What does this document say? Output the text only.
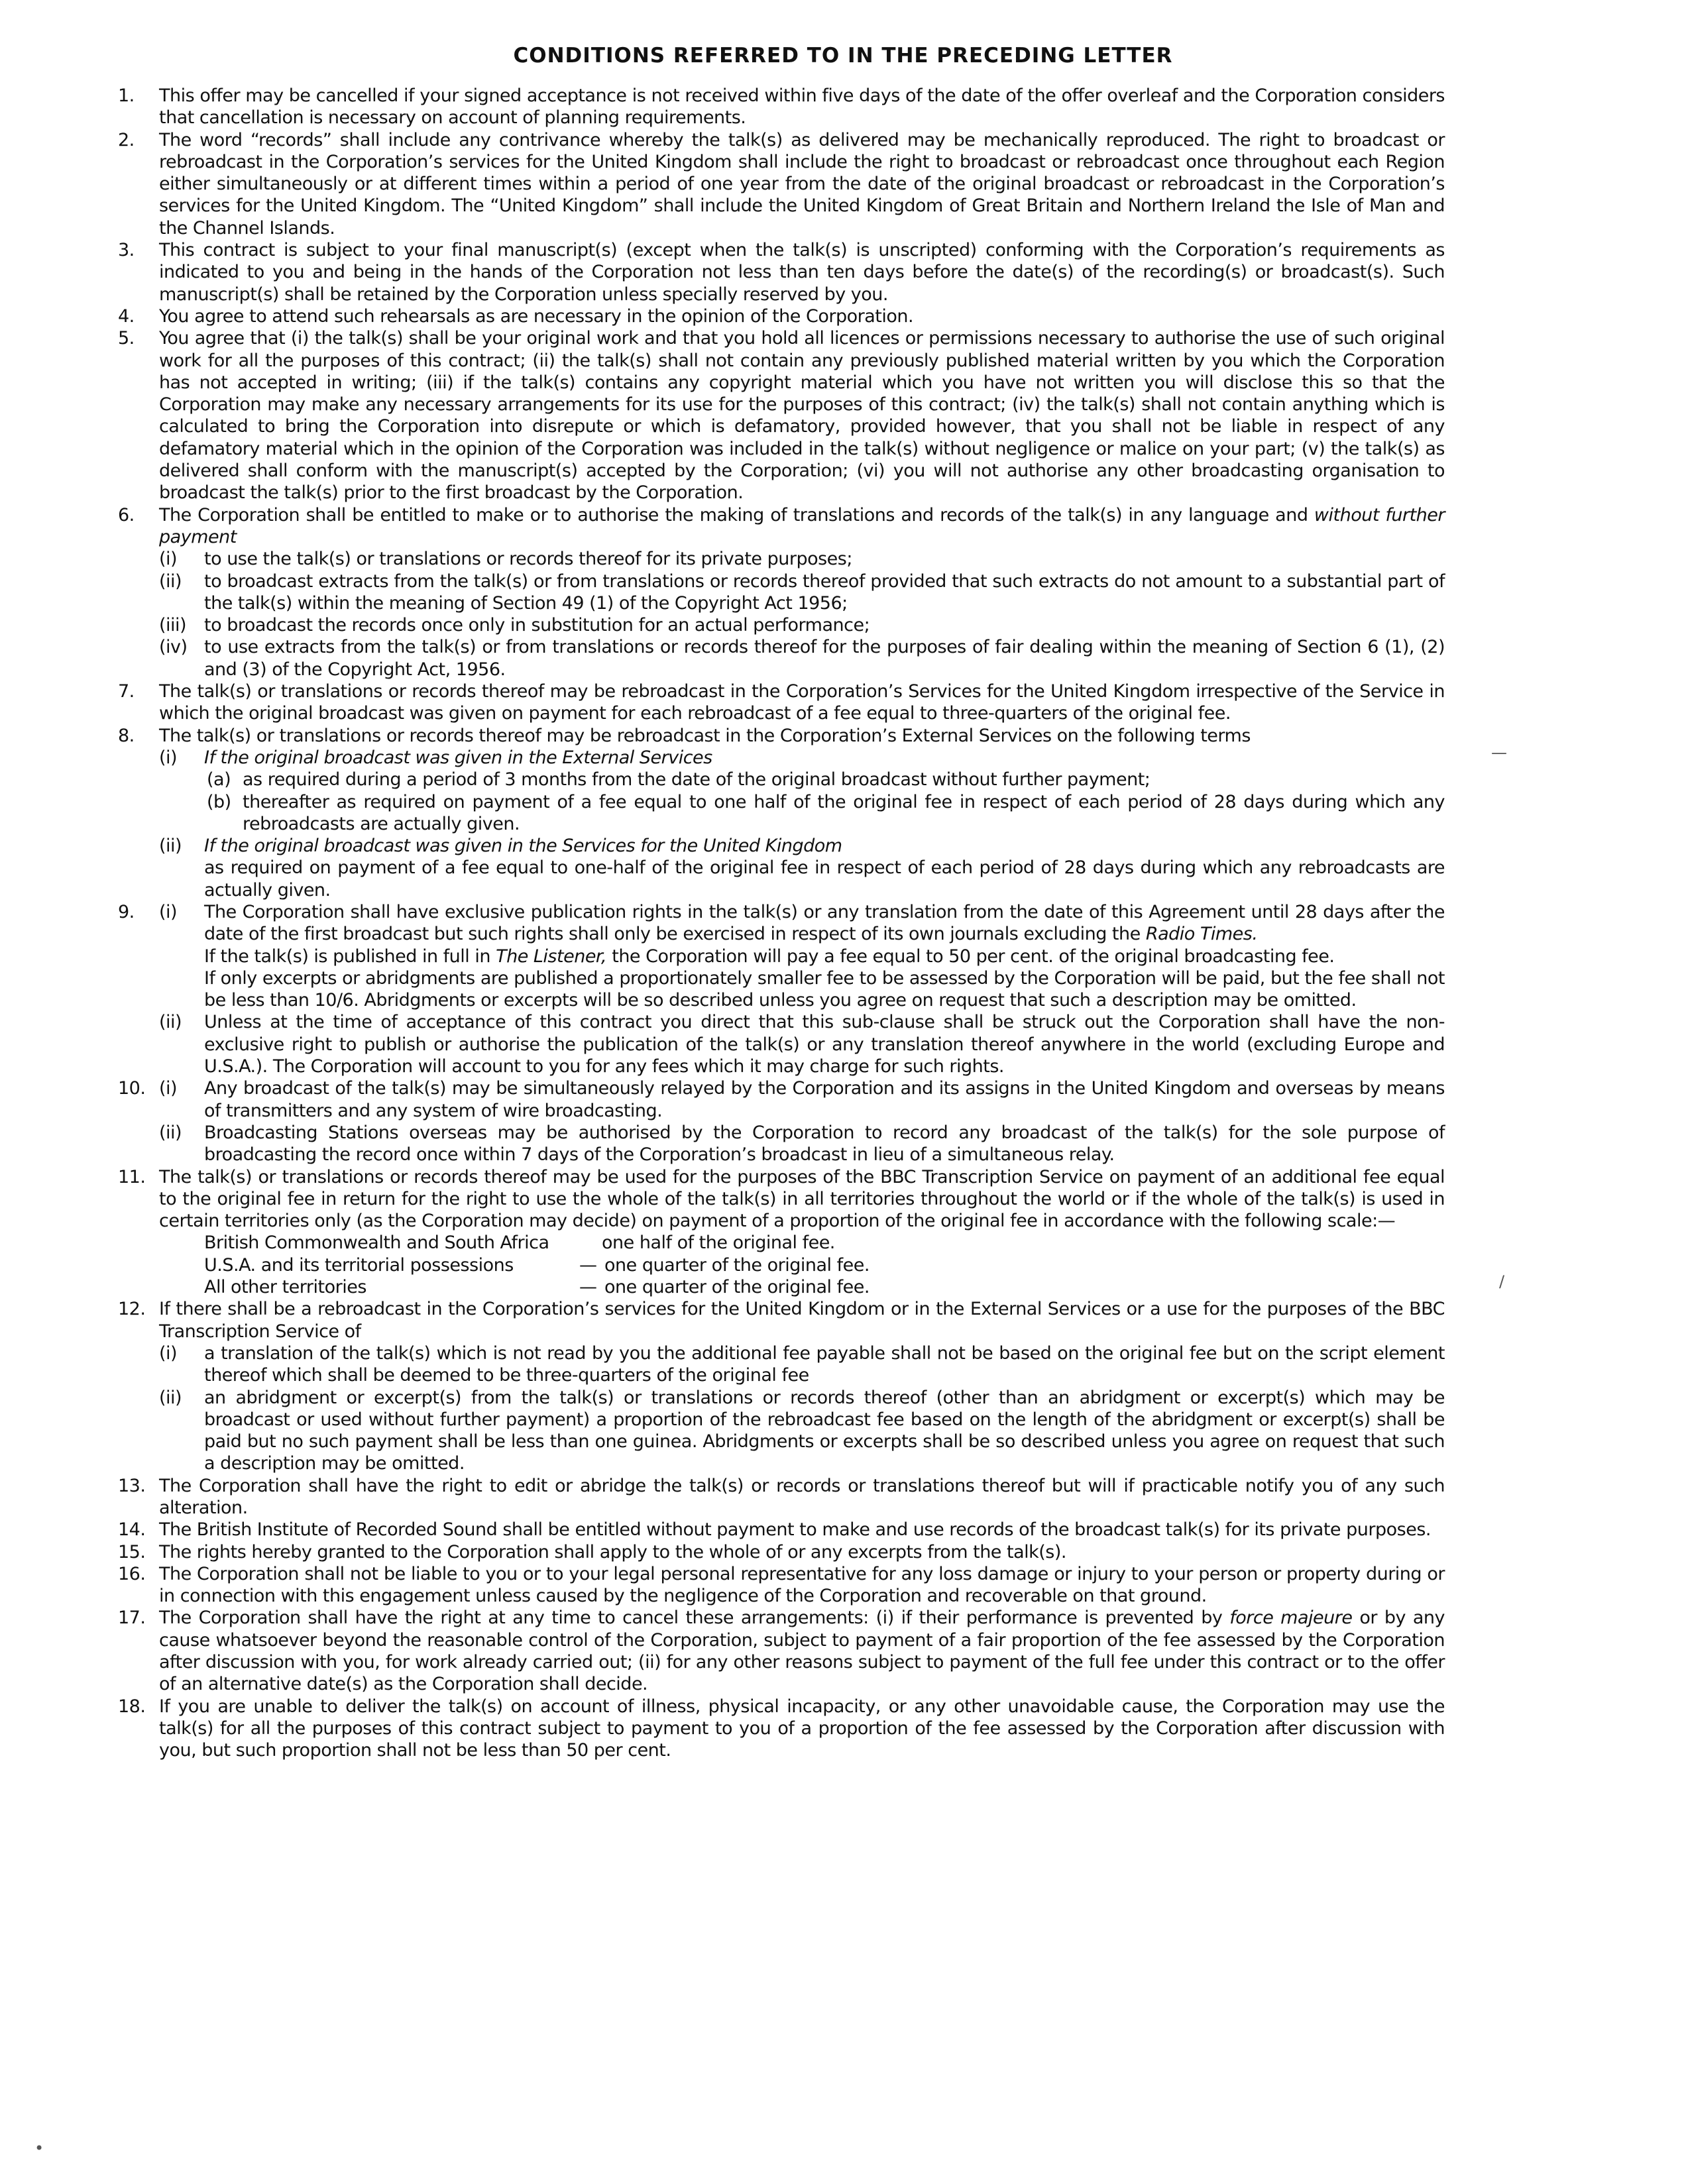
CONDITIONS REFERRED TO IN THE PRECEDING LETTER
1. This offer may be cancelled if your signed acceptance is not received within five days of the date of the offer overleaf and the Corporation considers that cancellation is necessary on account of planning requirements.

2. The word “records” shall include any contrivance whereby the talk(s) as delivered may be mechanically reproduced. The right to broadcast or rebroadcast in the Corporation’s services for the United Kingdom shall include the right to broadcast or rebroadcast once throughout each Region either simultaneously or at different times within a period of one year from the date of the original broadcast or rebroadcast in the Corporation’s services for the United Kingdom. The “United Kingdom” shall include the United Kingdom of Great Britain and Northern Ireland the Isle of Man and the Channel Islands.

3. This contract is subject to your final manuscript(s) (except when the talk(s) is unscripted) conforming with the Corporation’s requirements as indicated to you and being in the hands of the Corporation not less than ten days before the date(s) of the recording(s) or broadcast(s). Such manuscript(s) shall be retained by the Corporation unless specially reserved by you.

4. You agree to attend such rehearsals as are necessary in the opinion of the Corporation.

5. You agree that (i) the talk(s) shall be your original work and that you hold all licences or permissions necessary to authorise the use of such original work for all the purposes of this contract; (ii) the talk(s) shall not contain any previously published material written by you which the Corporation has not accepted in writing; (iii) if the talk(s) contains any copyright material which you have not written you will disclose this so that the Corporation may make any necessary arrangements for its use for the purposes of this contract; (iv) the talk(s) shall not contain anything which is calculated to bring the Corporation into disrepute or which is defamatory, provided however, that you shall not be liable in respect of any defamatory material which in the opinion of the Corporation was included in the talk(s) without negligence or malice on your part; (v) the talk(s) as delivered shall conform with the manuscript(s) accepted by the Corporation; (vi) you will not authorise any other broadcasting organisation to broadcast the talk(s) prior to the first broadcast by the Corporation.

6. The Corporation shall be entitled to make or to authorise the making of translations and records of the talk(s) in any language and without further payment

(i) to use the talk(s) or translations or records thereof for its private purposes;
(ii) to broadcast extracts from the talk(s) or from translations or records thereof provided that such extracts do not amount to a substantial part of the talk(s) within the meaning of Section 49 (1) of the Copyright Act 1956;
(iii) to broadcast the records once only in substitution for an actual performance;
(iv) to use extracts from the talk(s) or from translations or records thereof for the purposes of fair dealing within the meaning of Section 6 (1), (2) and (3) of the Copyright Act, 1956.
7. The talk(s) or translations or records thereof may be rebroadcast in the Corporation’s Services for the United Kingdom irrespective of the Service in which the original broadcast was given on payment for each rebroadcast of a fee equal to three-quarters of the original fee.

8. The talk(s) or translations or records thereof may be rebroadcast in the Corporation’s External Services on the following terms

(i) If the original broadcast was given in the External Services
(a) as required during a period of 3 months from the date of the original broadcast without further payment;
(b) thereafter as required on payment of a fee equal to one half of the original fee in respect of each period of 28 days during which any rebroadcasts are actually given.
(ii) If the original broadcast was given in the Services for the United Kingdom
as required on payment of a fee equal to one-half of the original fee in respect of each period of 28 days during which any rebroadcasts are actually given.
9. (i) The Corporation shall have exclusive publication rights in the talk(s) or any translation from the date of this Agreement until 28 days after the date of the first broadcast but such rights shall only be exercised in respect of its own journals excluding the Radio Times.
If the talk(s) is published in full in The Listener, the Corporation will pay a fee equal to 50 per cent. of the original broadcasting fee.
If only excerpts or abridgments are published a proportionately smaller fee to be assessed by the Corporation will be paid, but the fee shall not be less than 10/6. Abridgments or excerpts will be so described unless you agree on request that such a description may be omitted.
(ii) Unless at the time of acceptance of this contract you direct that this sub-clause shall be struck out the Corporation shall have the non-exclusive right to publish or authorise the publication of the talk(s) or any translation thereof anywhere in the world (excluding Europe and U.S.A.). The Corporation will account to you for any fees which it may charge for such rights.
10. (i) Any broadcast of the talk(s) may be simultaneously relayed by the Corporation and its assigns in the United Kingdom and overseas by means of transmitters and any system of wire broadcasting.
(ii) Broadcasting Stations overseas may be authorised by the Corporation to record any broadcast of the talk(s) for the sole purpose of broadcasting the record once within 7 days of the Corporation’s broadcast in lieu of a simultaneous relay.
11. The talk(s) or translations or records thereof may be used for the purposes of the BBC Transcription Service on payment of an additional fee equal to the original fee in return for the right to use the whole of the talk(s) in all territories throughout the world or if the whole of the talk(s) is used in certain territories only (as the Corporation may decide) on payment of a proportion of the original fee in accordance with the following scale:—

British Commonwealth and South Africa	one half of the original fee.
U.S.A. and its territorial possessions	— one quarter of the original fee.
All other territories	— one quarter of the original fee.
12. If there shall be a rebroadcast in the Corporation’s services for the United Kingdom or in the External Services or a use for the purposes of the BBC Transcription Service of

(i) a translation of the talk(s) which is not read by you the additional fee payable shall not be based on the original fee but on the script element thereof which shall be deemed to be three-quarters of the original fee
(ii) an abridgment or excerpt(s) from the talk(s) or translations or records thereof (other than an abridgment or excerpt(s) which may be broadcast or used without further payment) a proportion of the rebroadcast fee based on the length of the abridgment or excerpt(s) shall be paid but no such payment shall be less than one guinea. Abridgments or excerpts shall be so described unless you agree on request that such a description may be omitted.
13. The Corporation shall have the right to edit or abridge the talk(s) or records or translations thereof but will if practicable notify you of any such alteration.

14. The British Institute of Recorded Sound shall be entitled without payment to make and use records of the broadcast talk(s) for its private purposes.

15. The rights hereby granted to the Corporation shall apply to the whole of or any excerpts from the talk(s).

16. The Corporation shall not be liable to you or to your legal personal representative for any loss damage or injury to your person or property during or in connection with this engagement unless caused by the negligence of the Corporation and recoverable on that ground.

17. The Corporation shall have the right at any time to cancel these arrangements: (i) if their performance is prevented by force majeure or by any cause whatsoever beyond the reasonable control of the Corporation, subject to payment of a fair proportion of the fee assessed by the Corporation after discussion with you, for work already carried out; (ii) for any other reasons subject to payment of the full fee under this contract or to the offer of an alternative date(s) as the Corporation shall decide.

18. If you are unable to deliver the talk(s) on account of illness, physical incapacity, or any other unavoidable cause, the Corporation may use the talk(s) for all the purposes of this contract subject to payment to you of a proportion of the fee assessed by the Corporation after discussion with you, but such proportion shall not be less than 50 per cent.

—
/
•
